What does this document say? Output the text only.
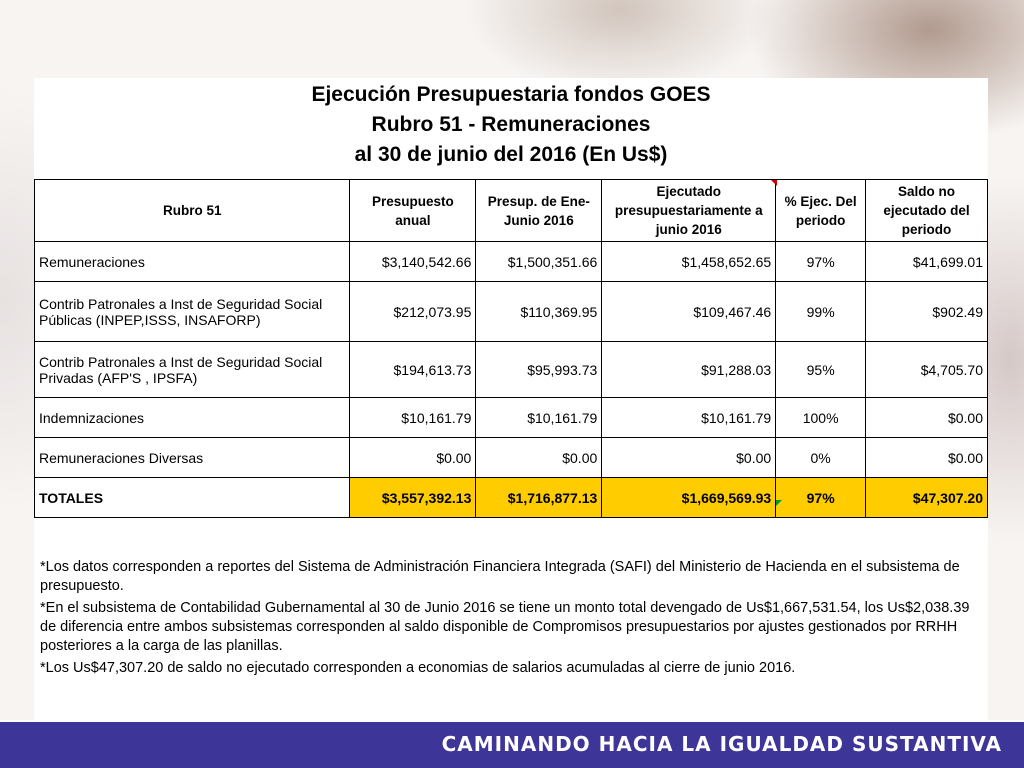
Ejecución Presupuestaria fondos GOES
Rubro 51 - Remuneraciones
al 30 de junio del 2016 (En Us$)
Rubro 51	Presupuesto anual	Presup. de Ene-Junio 2016	Ejecutado presupuestariamente a junio 2016	% Ejec. Del periodo	Saldo no ejecutado del periodo
Remuneraciones	$3,140,542.66	$1,500,351.66	$1,458,652.65	97%	$41,699.01
Contrib Patronales a Inst de Seguridad Social Públicas (INPEP,ISSS, INSAFORP)	$212,073.95	$110,369.95	$109,467.46	99%	$902.49
Contrib Patronales a Inst de Seguridad Social Privadas (AFP'S , IPSFA)	$194,613.73	$95,993.73	$91,288.03	95%	$4,705.70
Indemnizaciones	$10,161.79	$10,161.79	$10,161.79	100%	$0.00
Remuneraciones Diversas	$0.00	$0.00	$0.00	0%	$0.00
TOTALES	$3,557,392.13	$1,716,877.13	$1,669,569.93	97%	$47,307.20

*Los datos corresponden a reportes del Sistema de Administración Financiera Integrada (SAFI) del Ministerio de Hacienda en el subsistema de presupuesto.

*En el subsistema de Contabilidad Gubernamental al 30 de Junio 2016 se tiene un monto total devengado de Us$1,667,531.54, los Us$2,038.39 de diferencia entre ambos subsistemas corresponden al saldo disponible de Compromisos presupuestarios por ajustes gestionados por RRHH posteriores a la carga de las planillas.

*Los Us$47,307.20 de saldo no ejecutado corresponden a economias de salarios acumuladas al cierre de junio 2016.

CAMINANDO HACIA LA IGUALDAD SUSTANTIVA
